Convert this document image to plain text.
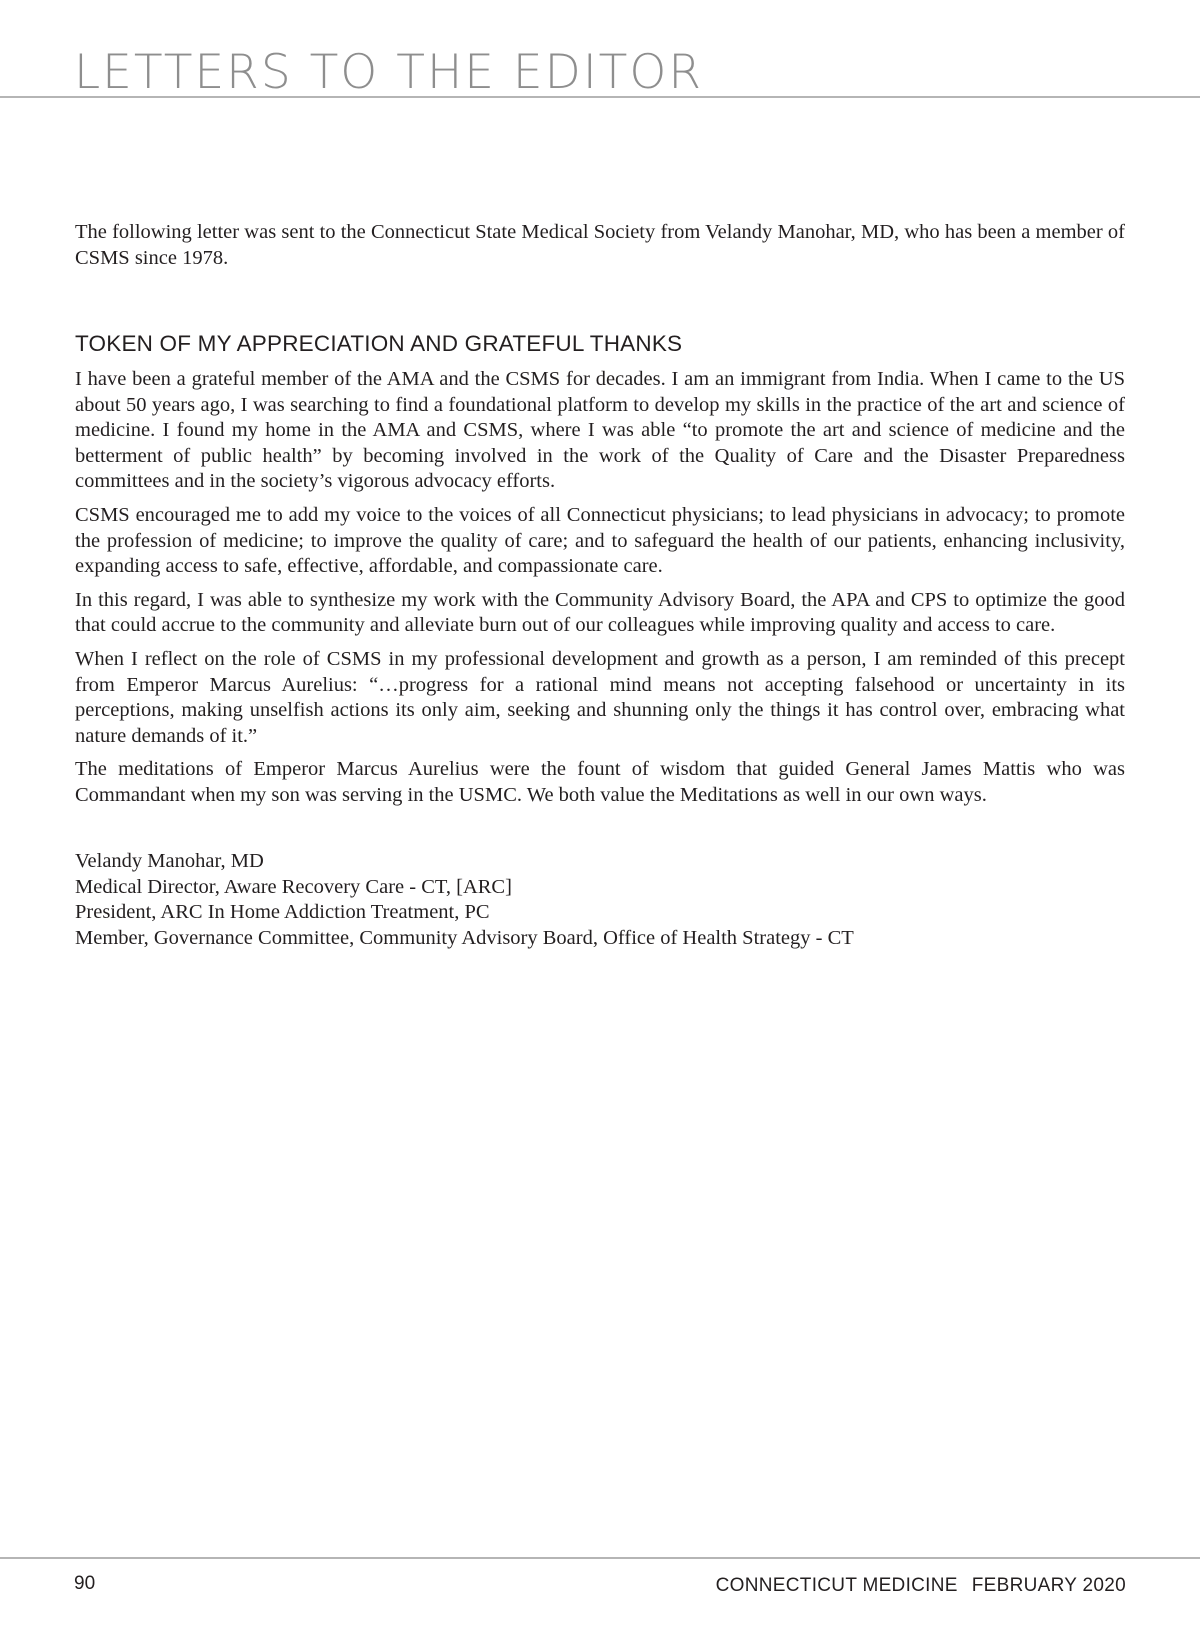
LETTERS TO THE EDITOR

The following letter was sent to the Connecticut State Medical Society from Velandy Manohar, MD, who has been a member of CSMS since 1978.

TOKEN OF MY APPRECIATION AND GRATEFUL THANKS

I have been a grateful member of the AMA and the CSMS for decades. I am an immigrant from India. When I came to the US about 50 years ago, I was searching to find a foundational platform to develop my skills in the practice of the art and science of medicine. I found my home in the AMA and CSMS, where I was able “to promote the art and science of medicine and the betterment of public health” by becoming involved in the work of the Quality of Care and the Disaster Preparedness committees and in the society’s vigorous advocacy efforts.

CSMS encouraged me to add my voice to the voices of all Connecticut physicians; to lead physicians in advocacy; to promote the profession of medicine; to improve the quality of care; and to safeguard the health of our patients, enhancing inclusivity, expanding access to safe, effective, affordable, and compassionate care.

In this regard, I was able to synthesize my work with the Community Advisory Board, the APA and CPS to optimize the good that could accrue to the community and alleviate burn out of our colleagues while improving quality and access to care.

When I reflect on the role of CSMS in my professional development and growth as a person, I am reminded of this precept from Emperor Marcus Aurelius: “…progress for a rational mind means not accepting falsehood or uncertainty in its perceptions, making unselfish actions its only aim, seeking and shunning only the things it has control over, embracing what nature demands of it.”

The meditations of Emperor Marcus Aurelius were the fount of wisdom that guided General James Mattis who was Commandant when my son was serving in the USMC. We both value the Meditations as well in our own ways.

Velandy Manohar, MD
Medical Director, Aware Recovery Care - CT, [ARC]
President, ARC In Home Addiction Treatment, PC
Member, Governance Committee, Community Advisory Board, Office of Health Strategy - CT
90	CONNECTICUT MEDICINE FEBRUARY 2020
